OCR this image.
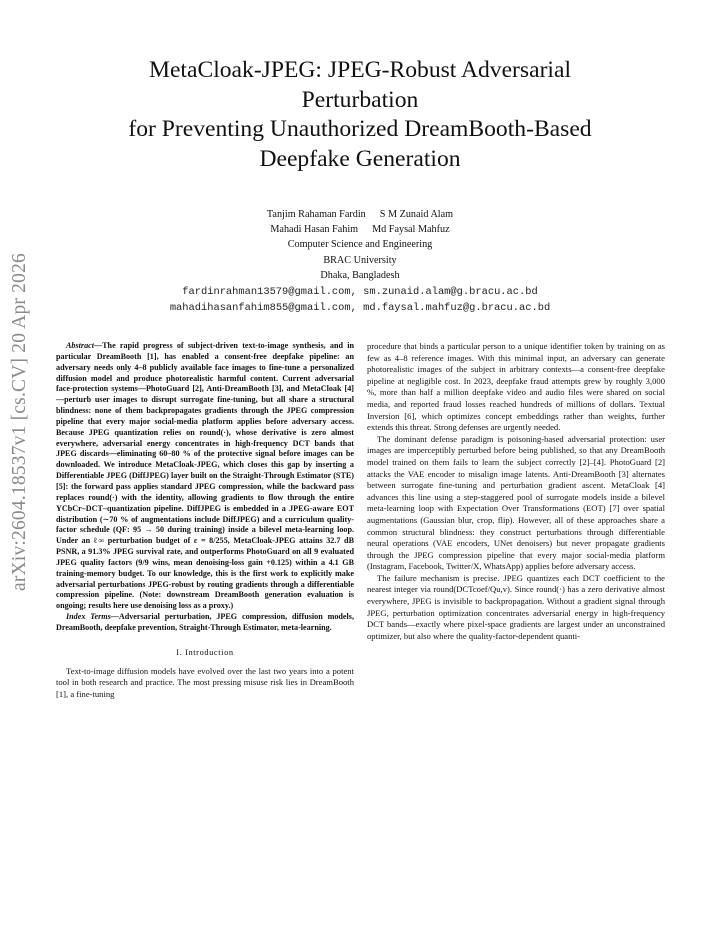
arXiv:2604.18537v1 [cs.CV] 20 Apr 2026
MetaCloak-JPEG: JPEG-Robust Adversarial
Perturbation
for Preventing Unauthorized DreamBooth-Based
Deepfake Generation
Tanjim Rahaman Fardin S M Zunaid Alam
Mahadi Hasan Fahim Md Faysal Mahfuz
Computer Science and Engineering
BRAC University
Dhaka, Bangladesh
fardinrahman13579@gmail.com, sm.zunaid.alam@g.bracu.ac.bd
mahadihasanfahim855@gmail.com, md.faysal.mahfuz@g.bracu.ac.bd

Abstract—The rapid progress of subject-driven text-to-image synthesis, and in particular DreamBooth [1], has enabled a consent-free deepfake pipeline: an adversary needs only 4–8 publicly available face images to fine-tune a personalized diffusion model and produce photorealistic harmful content. Current adversarial face-protection systems—PhotoGuard [2], Anti-DreamBooth [3], and MetaCloak [4]—perturb user images to disrupt surrogate fine-tuning, but all share a structural blindness: none of them backpropagates gradients through the JPEG compression pipeline that every major social-media platform applies before adversary access. Because JPEG quantization relies on round(·), whose derivative is zero almost everywhere, adversarial energy concentrates in high-frequency DCT bands that JPEG discards—eliminating 60–80 % of the protective signal before images can be downloaded. We introduce MetaCloak-JPEG, which closes this gap by inserting a Differentiable JPEG (DiffJPEG) layer built on the Straight-Through Estimator (STE) [5]: the forward pass applies standard JPEG compression, while the backward pass replaces round(·) with the identity, allowing gradients to flow through the entire YCbCr–DCT–quantization pipeline. DiffJPEG is embedded in a JPEG-aware EOT distribution (∼70 % of augmentations include DiffJPEG) and a curriculum quality-factor schedule (QF: 95 → 50 during training) inside a bilevel meta-learning loop. Under an ℓ∞ perturbation budget of ε = 8/255, MetaCloak-JPEG attains 32.7 dB PSNR, a 91.3% JPEG survival rate, and outperforms PhotoGuard on all 9 evaluated JPEG quality factors (9/9 wins, mean denoising-loss gain +0.125) within a 4.1 GB training-memory budget. To our knowledge, this is the first work to explicitly make adversarial perturbations JPEG-robust by routing gradients through a differentiable compression pipeline. (Note: downstream DreamBooth generation evaluation is ongoing; results here use denoising loss as a proxy.)

Index Terms—Adversarial perturbation, JPEG compression, diffusion models, DreamBooth, deepfake prevention, Straight-Through Estimator, meta-learning.

I. Introduction

Text-to-image diffusion models have evolved over the last two years into a potent tool in both research and practice. The most pressing misuse risk lies in DreamBooth [1], a fine-tuning

procedure that binds a particular person to a unique identifier token by training on as few as 4–8 reference images. With this minimal input, an adversary can generate photorealistic images of the subject in arbitrary contexts—a consent-free deepfake pipeline at negligible cost. In 2023, deepfake fraud attempts grew by roughly 3,000 %, more than half a million deepfake video and audio files were shared on social media, and reported fraud losses reached hundreds of millions of dollars. Textual Inversion [6], which optimizes concept embeddings rather than weights, further extends this threat. Strong defenses are urgently needed.

The dominant defense paradigm is poisoning-based adversarial protection: user images are imperceptibly perturbed before being published, so that any DreamBooth model trained on them fails to learn the subject correctly [2]–[4]. PhotoGuard [2] attacks the VAE encoder to misalign image latents. Anti-DreamBooth [3] alternates between surrogate fine-tuning and perturbation gradient ascent. MetaCloak [4] advances this line using a step-staggered pool of surrogate models inside a bilevel meta-learning loop with Expectation Over Transformations (EOT) [7] over spatial augmentations (Gaussian blur, crop, flip). However, all of these approaches share a common structural blindness: they construct perturbations through differentiable neural operations (VAE encoders, UNet denoisers) but never propagate gradients through the JPEG compression pipeline that every major social-media platform (Instagram, Facebook, Twitter/X, WhatsApp) applies before adversary access.

The failure mechanism is precise. JPEG quantizes each DCT coefficient to the nearest integer via round(DCTcoef/Qu,v). Since round(·) has a zero derivative almost everywhere, JPEG is invisible to backpropagation. Without a gradient signal through JPEG, perturbation optimization concentrates adversarial energy in high-frequency DCT bands—exactly where pixel-space gradients are largest under an unconstrained optimizer, but also where the quality-factor-dependent quanti-
